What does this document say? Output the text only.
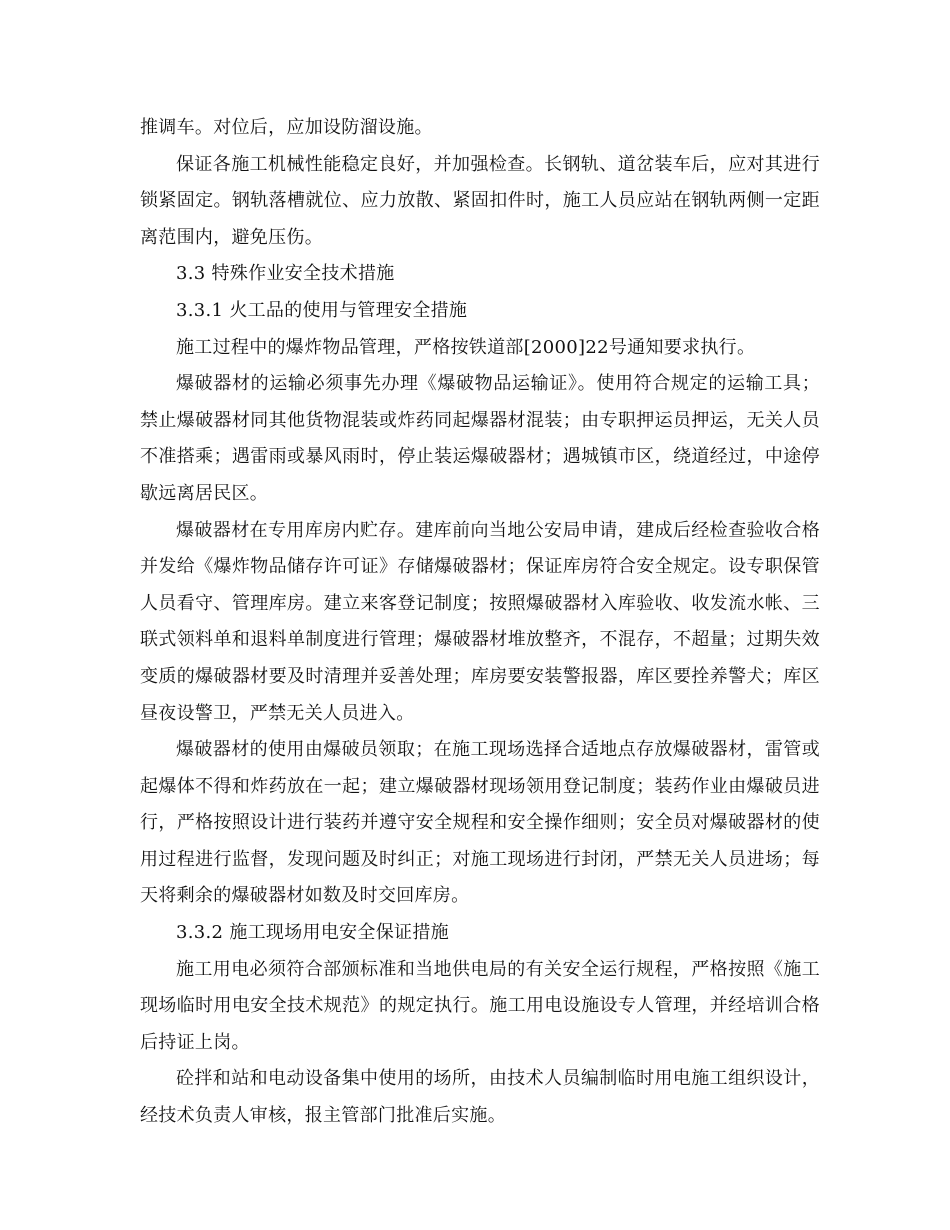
推调车。对位后，应加设防溜设施。

保证各施工机械性能稳定良好，并加强检查。长钢轨、道岔装车后，应对其进行锁紧固定。钢轨落槽就位、应力放散、紧固扣件时，施工人员应站在钢轨两侧一定距离范围内，避免压伤。

3.3 特殊作业安全技术措施

3.3.1 火工品的使用与管理安全措施

施工过程中的爆炸物品管理，严格按铁道部[2000]22号通知要求执行。

爆破器材的运输必须事先办理《爆破物品运输证》。使用符合规定的运输工具；禁止爆破器材同其他货物混装或炸药同起爆器材混装；由专职押运员押运，无关人员不准搭乘；遇雷雨或暴风雨时，停止装运爆破器材；遇城镇市区，绕道经过，中途停歇远离居民区。

爆破器材在专用库房内贮存。建库前向当地公安局申请，建成后经检查验收合格并发给《爆炸物品储存许可证》存储爆破器材；保证库房符合安全规定。设专职保管人员看守、管理库房。建立来客登记制度；按照爆破器材入库验收、收发流水帐、三联式领料单和退料单制度进行管理；爆破器材堆放整齐，不混存，不超量；过期失效变质的爆破器材要及时清理并妥善处理；库房要安装警报器，库区要拴养警犬；库区昼夜设警卫，严禁无关人员进入。

爆破器材的使用由爆破员领取；在施工现场选择合适地点存放爆破器材，雷管或起爆体不得和炸药放在一起；建立爆破器材现场领用登记制度；装药作业由爆破员进行，严格按照设计进行装药并遵守安全规程和安全操作细则；安全员对爆破器材的使用过程进行监督，发现问题及时纠正；对施工现场进行封闭，严禁无关人员进场；每天将剩余的爆破器材如数及时交回库房。

3.3.2 施工现场用电安全保证措施

施工用电必须符合部颁标准和当地供电局的有关安全运行规程，严格按照《施工现场临时用电安全技术规范》的规定执行。施工用电设施设专人管理，并经培训合格后持证上岗。

砼拌和站和电动设备集中使用的场所，由技术人员编制临时用电施工组织设计，经技术负责人审核，报主管部门批准后实施。
